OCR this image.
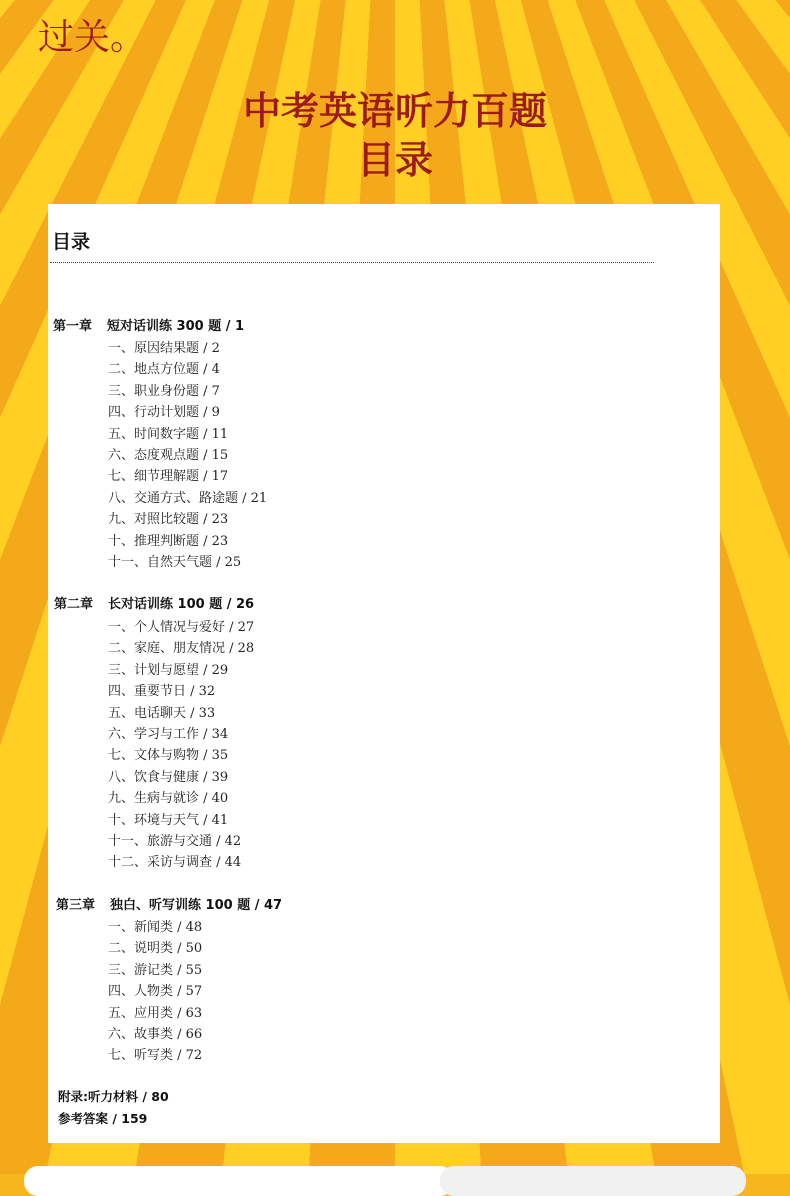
过关。

中考英语听力百题
目录
目录
第一章 短对话训练 300 题 / 1
一、原因结果题 / 2
二、地点方位题 / 4
三、职业身份题 / 7
四、行动计划题 / 9
五、时间数字题 / 11
六、态度观点题 / 15
七、细节理解题 / 17
八、交通方式、路途题 / 21
九、对照比较题 / 23
十、推理判断题 / 23
十一、自然天气题 / 25
第二章 长对话训练 100 题 / 26
一、个人情况与爱好 / 27
二、家庭、朋友情况 / 28
三、计划与愿望 / 29
四、重要节日 / 32
五、电话聊天 / 33
六、学习与工作 / 34
七、文体与购物 / 35
八、饮食与健康 / 39
九、生病与就诊 / 40
十、环境与天气 / 41
十一、旅游与交通 / 42
十二、采访与调查 / 44
第三章 独白、听写训练 100 题 / 47
一、新闻类 / 48
二、说明类 / 50
三、游记类 / 55
四、人物类 / 57
五、应用类 / 63
六、故事类 / 66
七、听写类 / 72
附录:听力材料 / 80
参考答案 / 159
